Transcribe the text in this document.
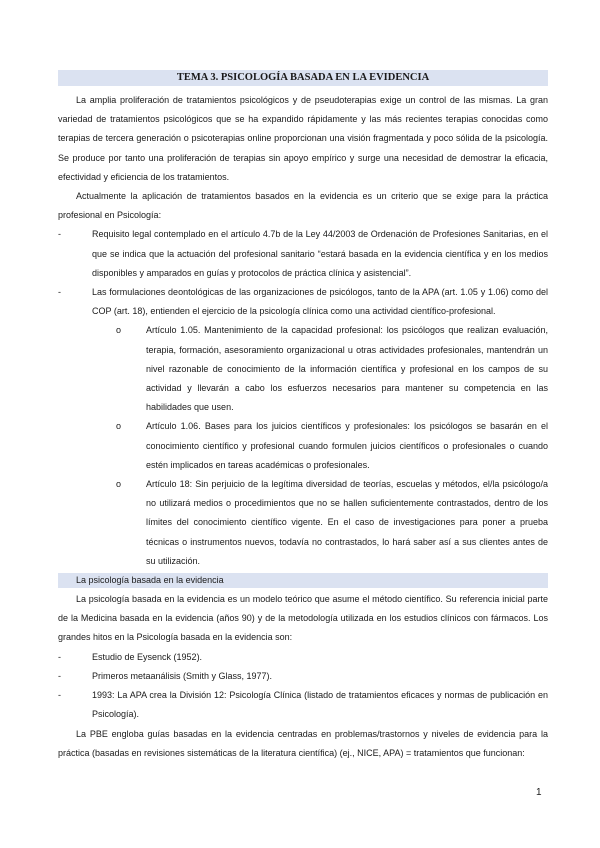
TEMA 3. PSICOLOGÍA BASADA EN LA EVIDENCIA

La amplia proliferación de tratamientos psicológicos y de pseudoterapias exige un control de las mismas. La gran variedad de tratamientos psicológicos que se ha expandido rápidamente y las más recientes terapias conocidas como terapias de tercera generación o psicoterapias online proporcionan una visión fragmentada y poco sólida de la psicología. Se produce por tanto una proliferación de terapias sin apoyo empírico y surge una necesidad de demostrar la eficacia, efectividad y eficiencia de los tratamientos.

Actualmente la aplicación de tratamientos basados en la evidencia es un criterio que se exige para la práctica profesional en Psicología:

-	Requisito legal contemplado en el artículo 4.7b de la Ley 44/2003 de Ordenación de Profesiones Sanitarias, en el que se indica que la actuación del profesional sanitario “estará basada en la evidencia científica y en los medios disponibles y amparados en guías y protocolos de práctica clínica y asistencial”.
-	Las formulaciones deontológicas de las organizaciones de psicólogos, tanto de la APA (art. 1.05 y 1.06) como del COP (art. 18), entienden el ejercicio de la psicología clínica como una actividad científico-profesional.
o	Artículo 1.05. Mantenimiento de la capacidad profesional: los psicólogos que realizan evaluación, terapia, formación, asesoramiento organizacional u otras actividades profesionales, mantendrán un nivel razonable de conocimiento de la información científica y profesional en los campos de su actividad y llevarán a cabo los esfuerzos necesarios para mantener su competencia en las habilidades que usen.
o	Artículo 1.06. Bases para los juicios científicos y profesionales: los psicólogos se basarán en el conocimiento científico y profesional cuando formulen juicios científicos o profesionales o cuando estén implicados en tareas académicas o profesionales.
o	Artículo 18: Sin perjuicio de la legítima diversidad de teorías, escuelas y métodos, el/la psicólogo/a no utilizará medios o procedimientos que no se hallen suficientemente contrastados, dentro de los límites del conocimiento científico vigente. En el caso de investigaciones para poner a prueba técnicas o instrumentos nuevos, todavía no contrastados, lo hará saber así a sus clientes antes de su utilización.
La psicología basada en la evidencia

La psicología basada en la evidencia es un modelo teórico que asume el método científico. Su referencia inicial parte de la Medicina basada en la evidencia (años 90) y de la metodología utilizada en los estudios clínicos con fármacos. Los grandes hitos en la Psicología basada en la evidencia son:

-	Estudio de Eysenck (1952).
-	Primeros metaanálisis (Smith y Glass, 1977).
-	1993: La APA crea la División 12: Psicología Clínica (listado de tratamientos eficaces y normas de publicación en Psicología).

La PBE engloba guías basadas en la evidencia centradas en problemas/trastornos y niveles de evidencia para la práctica (basadas en revisiones sistemáticas de la literatura científica) (ej., NICE, APA) = tratamientos que funcionan:

1
